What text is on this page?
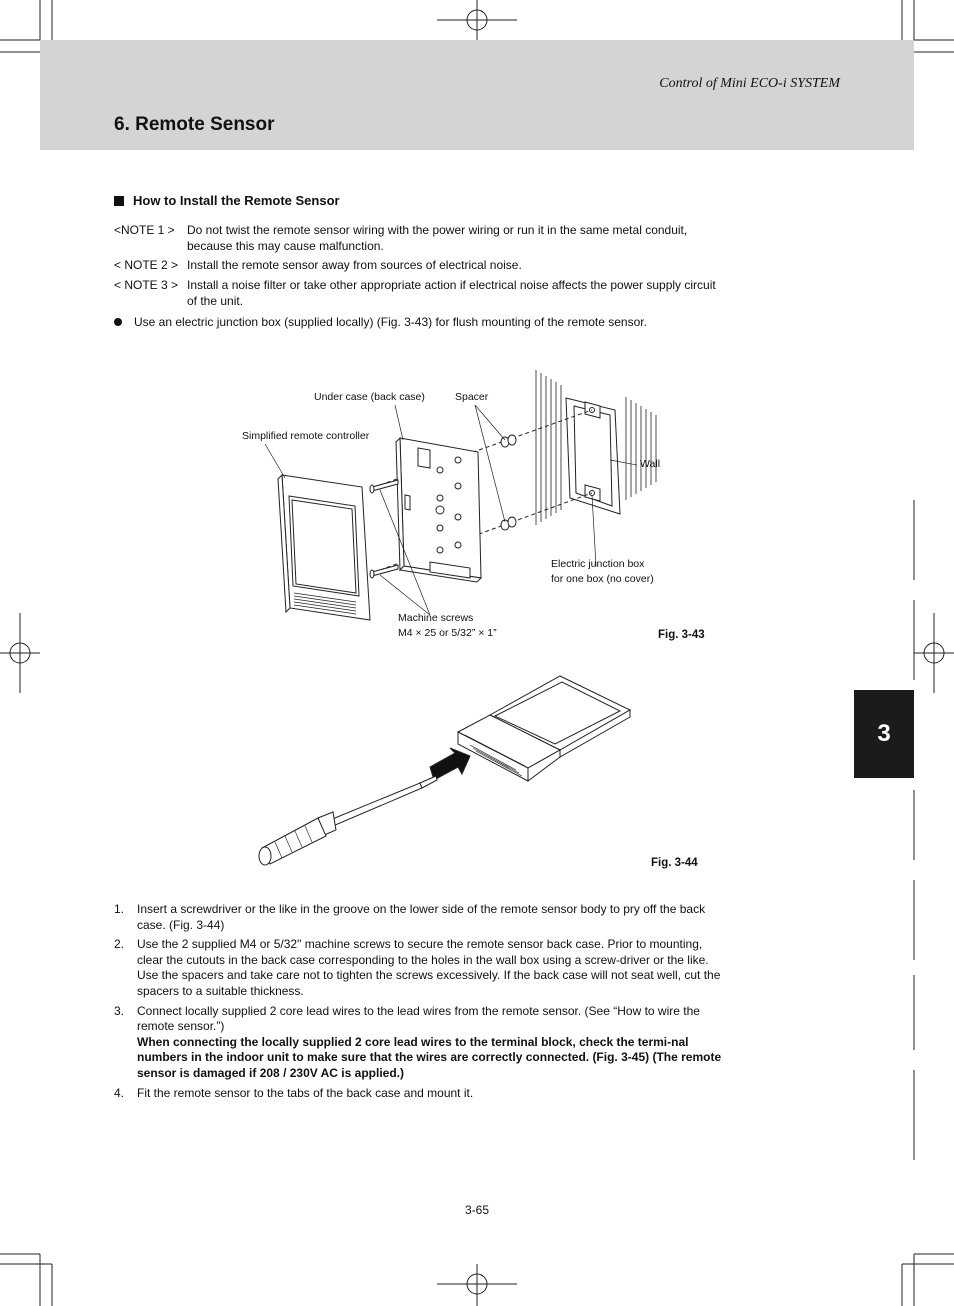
Control of Mini ECO-i SYSTEM
6. Remote Sensor
3
How to Install the Remote Sensor
<NOTE 1 >	Do not twist the remote sensor wiring with the power wiring or run it in the same metal conduit, because this may cause malfunction.
< NOTE 2 > Install the remote sensor away from sources of electrical noise.
< NOTE 3 > Install a noise filter or take other appropriate action if electrical noise affects the power supply circuit of the unit.
Use an electric junction box (supplied locally) (Fig. 3-43) for flush mounting of the remote sensor.
Under case (back case)	Spacer
Simplified remote controller
Wall
Electric junction box
for one box (no cover)
Machine screws
M4 × 25 or 5/32” × 1”	Fig. 3-43
Fig. 3-44
1.	Insert a screwdriver or the like in the groove on the lower side of the remote sensor body to pry off the back case. (Fig. 3-44)
2.	Use the 2 supplied M4 or 5/32" machine screws to secure the remote sensor back case. Prior to mounting, clear the cutouts in the back case corresponding to the holes in the wall box using a screw-driver or the like. Use the spacers and take care not to tighten the screws excessively. If the back case will not seat well, cut the spacers to a suitable thickness.
3.	Connect locally supplied 2 core lead wires to the lead wires from the remote sensor. (See “How to wire the remote sensor.”)
When connecting the locally supplied 2 core lead wires to the terminal block, check the termi-nal numbers in the indoor unit to make sure that the wires are correctly connected. (Fig. 3-45) (The remote sensor is damaged if 208 / 230V AC is applied.)
4.	Fit the remote sensor to the tabs of the back case and mount it.
3-65
